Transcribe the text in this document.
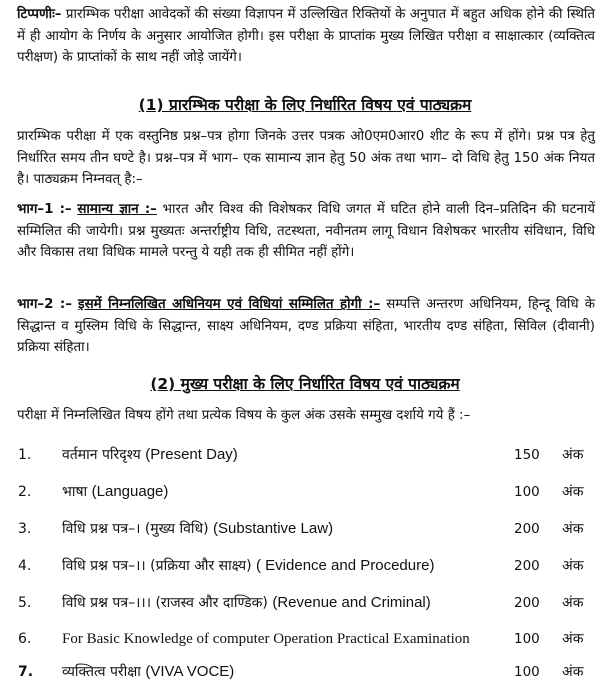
टिप्पणीः– प्रारम्भिक परीक्षा आवेदकों की संख्या विज्ञापन में उल्लिखित रिक्तियों के अनुपात में बहुत अधिक होने की स्थिति में ही आयोग के निर्णय के अनुसार आयोजित होगी। इस परीक्षा के प्राप्तांक मुख्य लिखित परीक्षा व साक्षात्कार (व्यक्तित्व परीक्षण) के प्राप्तांकों के साथ नहीं जोड़े जायेंगे।
(1) प्रारम्भिक परीक्षा के लिए निर्धारित विषय एवं पाठ्यक्रम
प्रारम्भिक परीक्षा में एक वस्तुनिष्ठ प्रश्न–पत्र होगा जिनके उत्तर पत्रक ओ0एम0आर0 शीट के रूप में होंगे। प्रश्न पत्र हेतु निर्धारित समय तीन घण्टे है। प्रश्न–पत्र में भाग– एक सामान्य ज्ञान हेतु 50 अंक तथा भाग– दो विधि हेतु 150 अंक नियत है। पाठ्यक्रम निम्नवत् है:–
भाग–1 :– सामान्य ज्ञान :– भारत और विश्व की विशेषकर विधि जगत में घटित होने वाली दिन–प्रतिदिन की घटनायें सम्मिलित की जायेगी। प्रश्न मुख्यतः अन्तर्राष्ट्रीय विधि, तटस्थता, नवीनतम लागू विधान विशेषकर भारतीय संविधान, विधि और विकास तथा विधिक मामले परन्तु ये यही तक ही सीमित नहीं होंगे।
भाग–2 :– इसमें निम्नलिखित अधिनियम एवं विधियां सम्मिलित होगी :– सम्पत्ति अन्तरण अधिनियम, हिन्दू विधि के सिद्धान्त व मुस्लिम विधि के सिद्धान्त, साक्ष्य अधिनियम, दण्ड प्रक्रिया संहिता, भारतीय दण्ड संहिता, सिविल (दीवानी) प्रक्रिया संहिता।
(2) मुख्य परीक्षा के लिए निर्धारित विषय एवं पाठ्यक्रम
परीक्षा में निम्नलिखित विषय होंगे तथा प्रत्येक विषय के कुल अंक उसके सम्मुख दर्शाये गये हैं :–
1. वर्तमान परिदृश्य (Present Day)	150 अंक
2. भाषा (Language)	100 अंक
3. विधि प्रश्न पत्र–। (मुख्य विधि) (Substantive Law)	200 अंक
4. विधि प्रश्न पत्र–।। (प्रक्रिया और साक्ष्य) ( Evidence and Procedure)	200 अंक
5. विधि प्रश्न पत्र–।।। (राजस्व और दाण्डिक) (Revenue and Criminal)	200 अंक
6. For Basic Knowledge of computer Operation Practical Examination	100 अंक
7. व्यक्तित्व परीक्षा (VIVA VOCE)	100 अंक
